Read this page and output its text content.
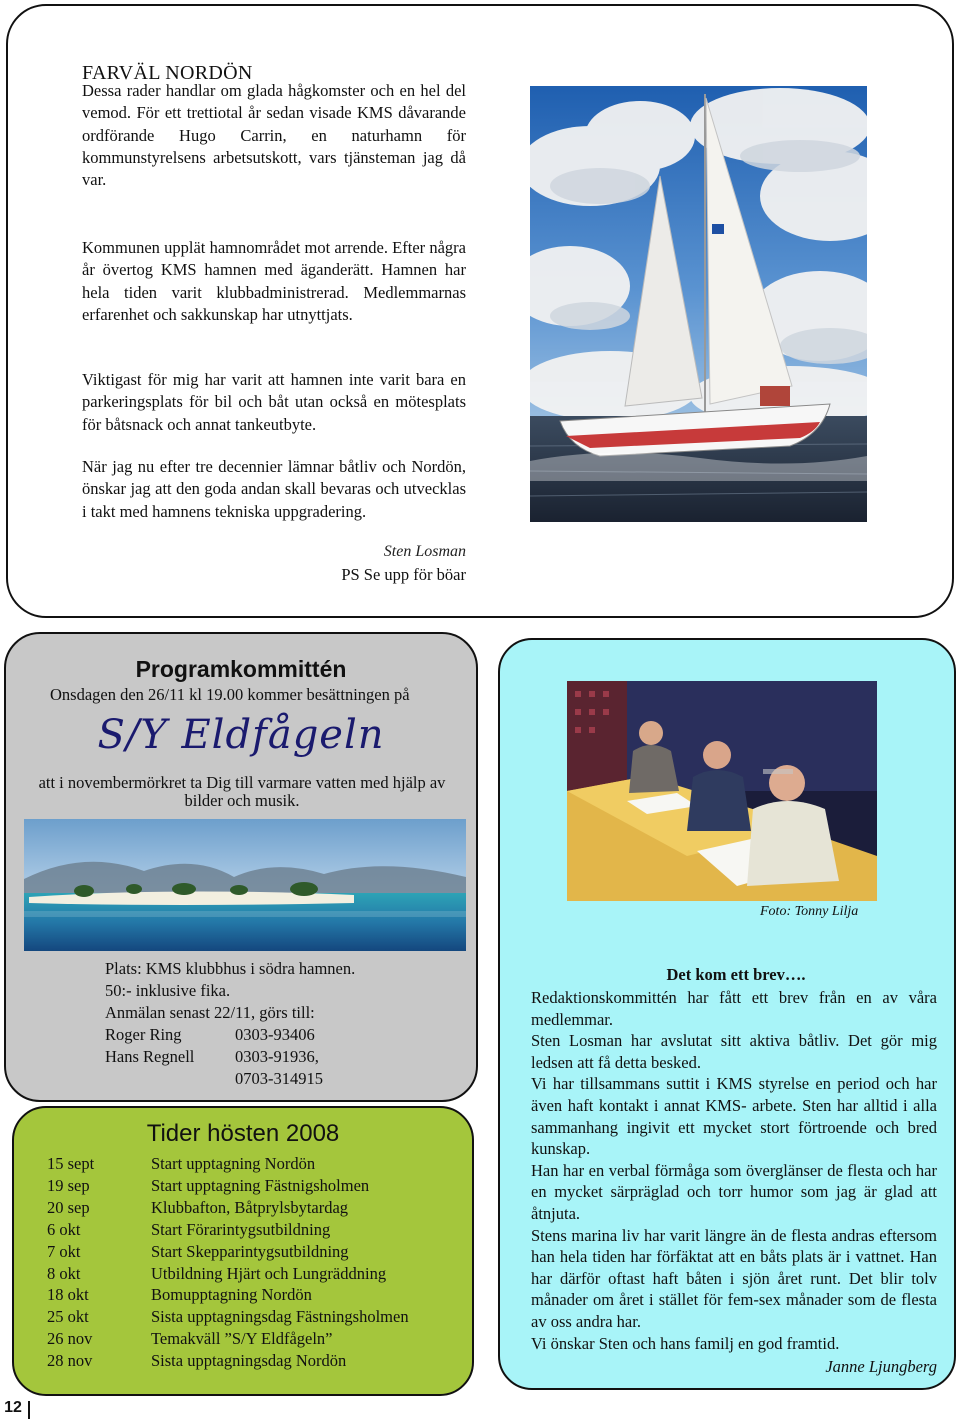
FARVÄL NORDÖN
Dessa rader handlar om glada hågkomster och en hel del vemod. För ett trettiotal år sedan visade KMS dåvarande ordförande Hugo Carrin, en naturhamn för kommunstyrelsens arbetsutskott, vars tjänsteman jag då var.
Kommunen upplät hamnområdet mot arrende. Efter några år övertog KMS hamnen med äganderätt. Hamnen har hela tiden varit klubbadministrerad. Medlemmarnas erfarenhet och sakkunskap har utnyttjats.
Viktigast för mig har varit att hamnen inte varit bara en parkeringsplats för bil och båt utan också en mötesplats för båtsnack och annat tankeutbyte.
När jag nu efter tre decennier lämnar båtliv och Nordön, önskar jag att den goda andan skall bevaras och utvecklas i takt med hamnens tekniska uppgradering.
Sten Losman
PS Se upp för böar
Programkommittén
Onsdagen den 26/11 kl 19.00 kommer besättningen på
S/Y Eldfågeln
att i novembermörkret ta Dig till varmare vatten med hjälp av bilder och musik.
Plats: KMS klubbhus i södra hamnen.
50:- inklusive fika.
Anmälan senast 22/11, görs till:
Roger Ring	0303-93406
Hans Regnell 0303-91936,
0703-314915
Tider hösten 2008
15 sept	Start upptagning Nordön
19 sep	Start upptagning Fästnigsholmen
20 sep	Klubbafton, Båtprylsbytardag
6 okt	Start Förarintygsutbildning
7 okt	Start Skepparintygsutbildning
8 okt	Utbildning Hjärt och Lungräddning
18 okt	Bomupptagning Nordön
25 okt	Sista upptagningsdag Fästningsholmen
26 nov	Temakväll ”S/Y Eldfågeln”
28 nov	Sista upptagningsdag Nordön
Foto: Tonny Lilja
Det kom ett brev….

Redaktionskommittén har fått ett brev från en av våra medlemmar.

Sten Losman har avslutat sitt aktiva båtliv. Det gör mig ledsen att få detta besked.

Vi har tillsammans suttit i KMS styrelse en period och har även haft kontakt i annat KMS- arbete. Sten har alltid i alla sammanhang ingivit ett mycket stort förtroende och bred kunskap.

Han har en verbal förmåga som överglänser de flesta och har en mycket särpräglad och torr humor som jag är glad att åtnjuta.

Stens marina liv har varit längre än de flesta andras eftersom han hela tiden har förfäktat att en båts plats är i vattnet. Han har därför oftast haft båten i sjön året runt. Det blir tolv månader om året i stället för fem-sex månader som de flesta av oss andra har.

Vi önskar Sten och hans familj en god framtid.

Janne Ljungberg
12
